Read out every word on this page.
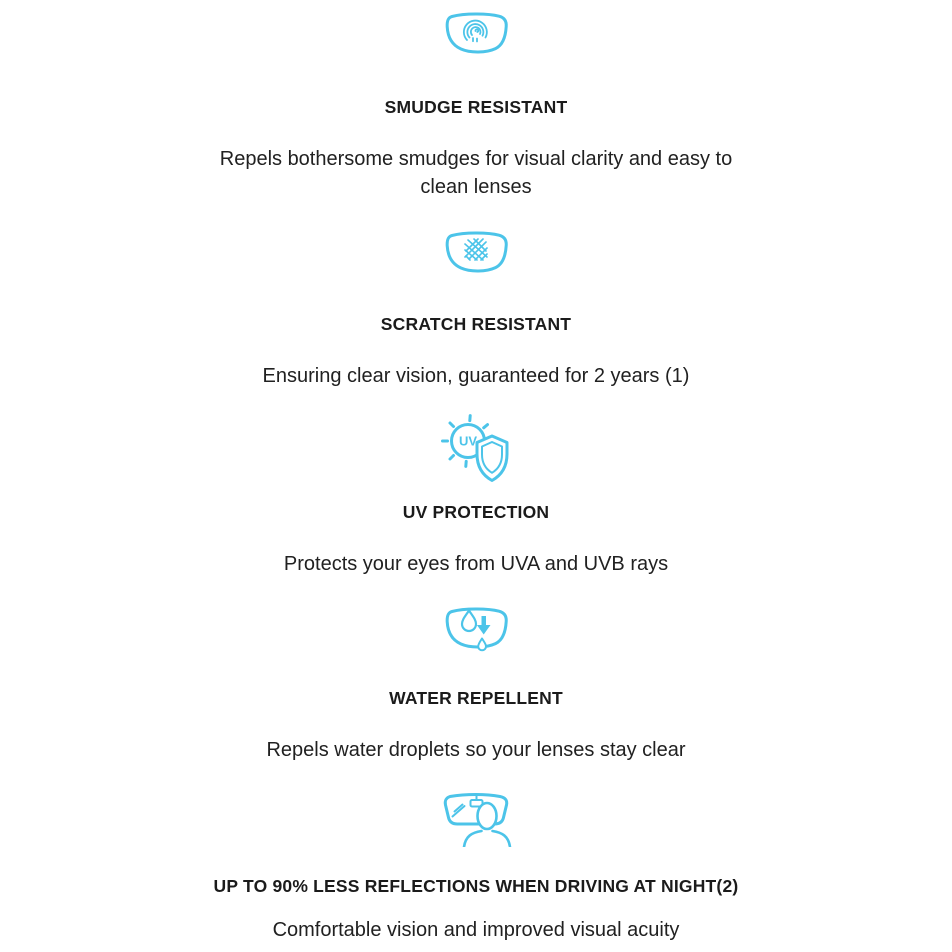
SMUDGE RESISTANT

Repels bothersome smudges for visual clarity and easy to clean lenses

SCRATCH RESISTANT

Ensuring clear vision, guaranteed for 2 years (1)

UV
UV PROTECTION

Protects your eyes from UVA and UVB rays

WATER REPELLENT

Repels water droplets so your lenses stay clear

UP TO 90% LESS REFLECTIONS WHEN DRIVING AT NIGHT(2)

Comfortable vision and improved visual acuity
